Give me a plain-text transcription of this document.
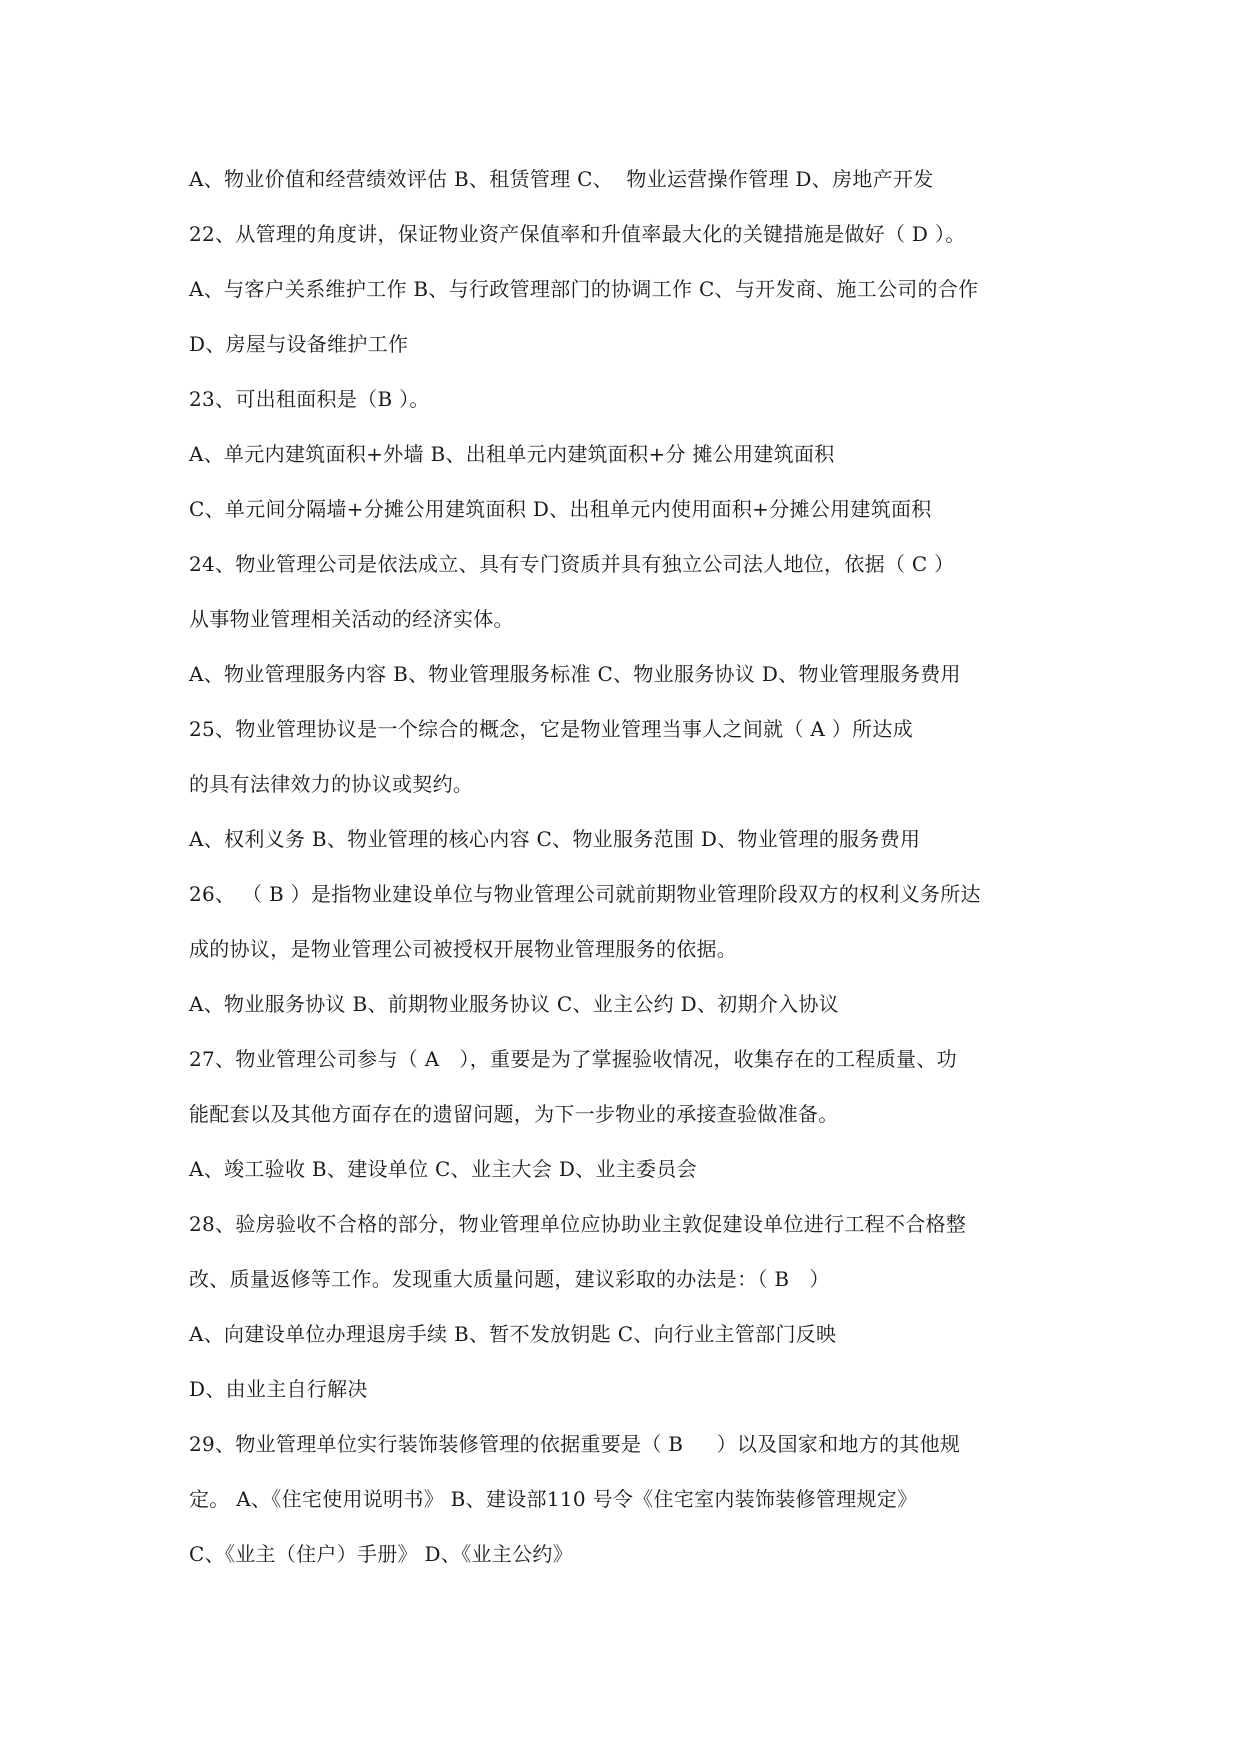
A、物业价值和经营绩效评估 B、租赁管理 C、  物业运营操作管理 D、房地产开发
22、从管理的角度讲，保证物业资产保值率和升值率最大化的关键措施是做好（ D ）。
A、与客户关系维护工作 B、与行政管理部门的协调工作 C、与开发商、施工公司的合作
D、房屋与设备维护工作
23、可出租面积是（B ）。
A、单元内建筑面积+外墙 B、出租单元内建筑面积+分 摊公用建筑面积
C、单元间分隔墙+分摊公用建筑面积 D、出租单元内使用面积+分摊公用建筑面积
24、物业管理公司是依法成立、具有专门资质并具有独立公司法人地位，依据（ C ）
从事物业管理相关活动的经济实体。
A、物业管理服务内容 B、物业管理服务标准 C、物业服务协议 D、物业管理服务费用
25、物业管理协议是一个综合的概念，它是物业管理当事人之间就（ A ）所达成
的具有法律效力的协议或契约。
A、权利义务 B、物业管理的核心内容 C、物业服务范围 D、物业管理的服务费用
26、 （ B ）是指物业建设单位与物业管理公司就前期物业管理阶段双方的权利义务所达
成的协议，是物业管理公司被授权开展物业管理服务的依据。
A、物业服务协议 B、前期物业服务协议 C、业主公约 D、初期介入协议
27、物业管理公司参与（ A   ），重要是为了掌握验收情况，收集存在的工程质量、功
能配套以及其他方面存在的遗留问题，为下一步物业的承接查验做准备。
A、竣工验收 B、建设单位 C、业主大会 D、业主委员会
28、验房验收不合格的部分，物业管理单位应协助业主敦促建设单位进行工程不合格整
改、质量返修等工作。发现重大质量问题，建议彩取的办法是：（ B   ）
A、向建设单位办理退房手续 B、暂不发放钥匙 C、向行业主管部门反映
D、由业主自行解决
29、物业管理单位实行装饰装修管理的依据重要是（ B     ）以及国家和地方的其他规
定。 A、《住宅使用说明书》 B、建设部110 号令《住宅室内装饰装修管理规定》
C、《业主（住户）手册》 D、《业主公约》
